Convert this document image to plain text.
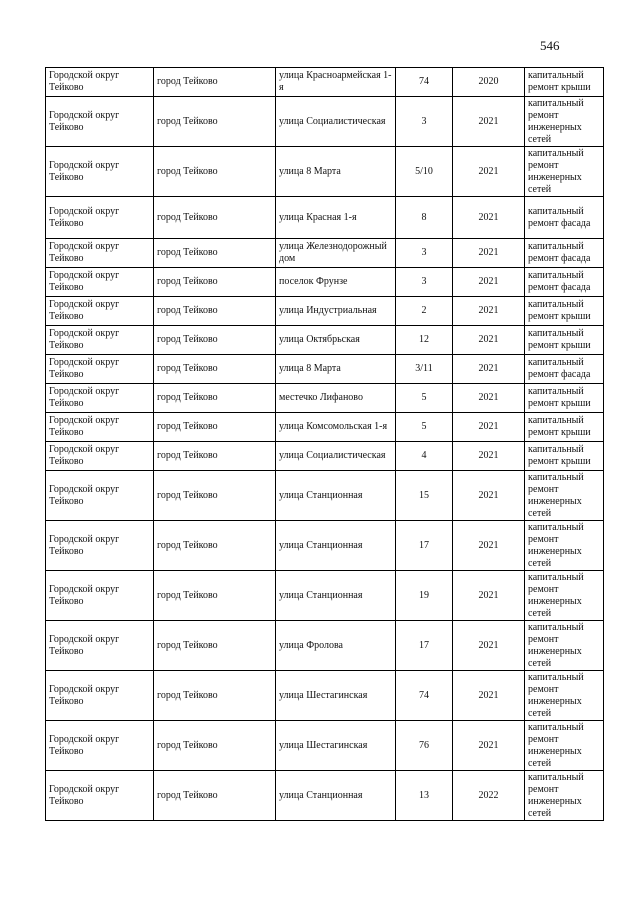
546
Городской округ Тейково	город Тейково	улица Красноармейская 1-я	74	2020	капитальный ремонт крыши
Городской округ Тейково	город Тейково	улица Социалистическая	3	2021	капитальный ремонт инженерных сетей
Городской округ Тейково	город Тейково	улица 8 Марта	5/10	2021	капитальный ремонт инженерных сетей
Городской округ Тейково	город Тейково	улица Красная 1-я	8	2021	капитальный ремонт фасада
Городской округ Тейково	город Тейково	улица Железнодорожный дом	3	2021	капитальный ремонт фасада
Городской округ Тейково	город Тейково	поселок Фрунзе	3	2021	капитальный ремонт фасада
Городской округ Тейково	город Тейково	улица Индустриальная	2	2021	капитальный ремонт крыши
Городской округ Тейково	город Тейково	улица Октябрьская	12	2021	капитальный ремонт крыши
Городской округ Тейково	город Тейково	улица 8 Марта	3/11	2021	капитальный ремонт фасада
Городской округ Тейково	город Тейково	местечко Лифаново	5	2021	капитальный ремонт крыши
Городской округ Тейково	город Тейково	улица Комсомольская 1-я	5	2021	капитальный ремонт крыши
Городской округ Тейково	город Тейково	улица Социалистическая	4	2021	капитальный ремонт крыши
Городской округ Тейково	город Тейково	улица Станционная	15	2021	капитальный ремонт инженерных сетей
Городской округ Тейково	город Тейково	улица Станционная	17	2021	капитальный ремонт инженерных сетей
Городской округ Тейково	город Тейково	улица Станционная	19	2021	капитальный ремонт инженерных сетей
Городской округ Тейково	город Тейково	улица Фролова	17	2021	капитальный ремонт инженерных сетей
Городской округ Тейково	город Тейково	улица Шестагинская	74	2021	капитальный ремонт инженерных сетей
Городской округ Тейково	город Тейково	улица Шестагинская	76	2021	капитальный ремонт инженерных сетей
Городской округ Тейково	город Тейково	улица Станционная	13	2022	капитальный ремонт инженерных сетей
